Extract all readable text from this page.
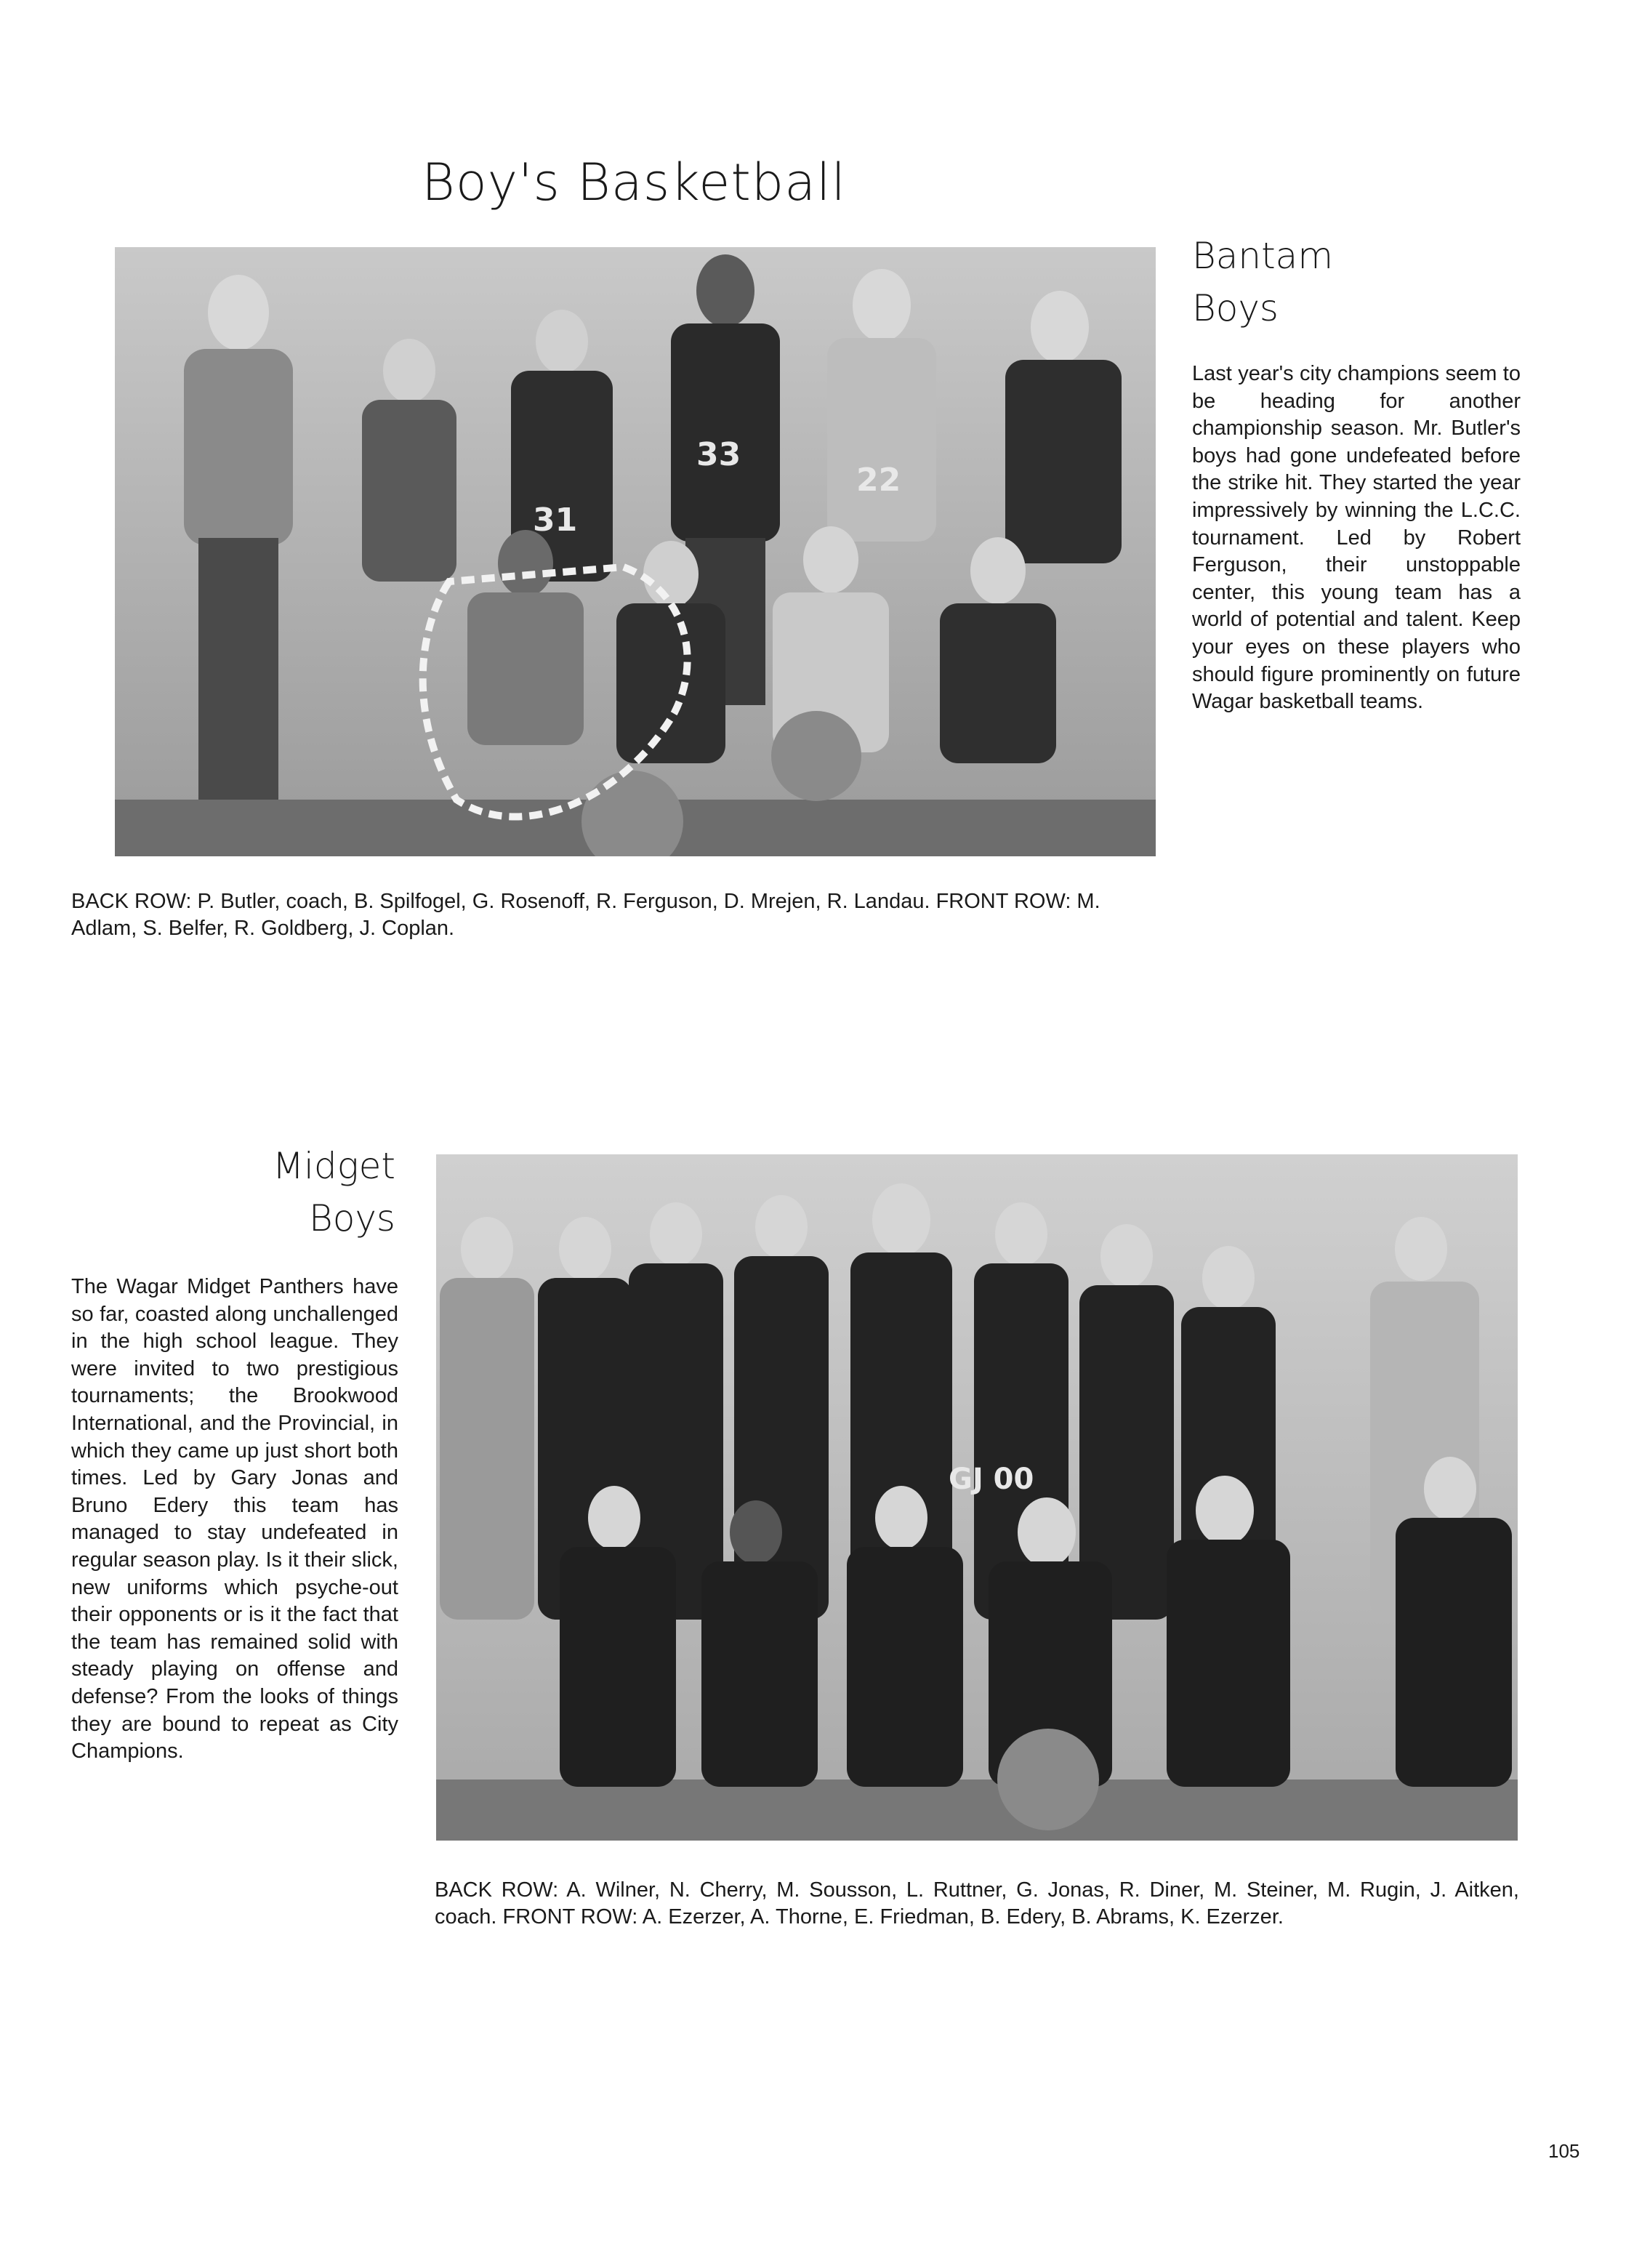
Boy's Basketball
31
33
22
Bantam
Boys
Last year's city champions seem to be heading for another championship season. Mr. Butler's boys had gone undefeated before the strike hit. They started the year impressively by winning the L.C.C. tournament. Led by Robert Ferguson, their unstoppable center, this young team has a world of potential and talent. Keep your eyes on these players who should figure prominently on future Wagar basketball teams.
BACK ROW: P. Butler, coach, B. Spilfogel, G. Rosenoff, R. Ferguson, D. Mrejen, R. Landau. FRONT ROW: M. Adlam, S. Belfer, R. Goldberg, J. Coplan.
Midget
Boys
The Wagar Midget Panthers have so far, coasted along unchallenged in the high school league. They were invited to two prestigious tournaments; the Brookwood International, and the Provincial, in which they came up just short both times. Led by Gary Jonas and Bruno Edery this team has managed to stay undefeated in regular season play. Is it their slick, new uniforms which psyche-out their opponents or is it the fact that the team has remained solid with steady playing on offense and defense? From the looks of things they are bound to repeat as City Champions.
GJ 00
BACK ROW: A. Wilner, N. Cherry, M. Sousson, L. Ruttner, G. Jonas, R. Diner, M. Steiner, M. Rugin, J. Aitken, coach. FRONT ROW: A. Ezerzer, A. Thorne, E. Friedman, B. Edery, B. Abrams, K. Ezerzer.
105
